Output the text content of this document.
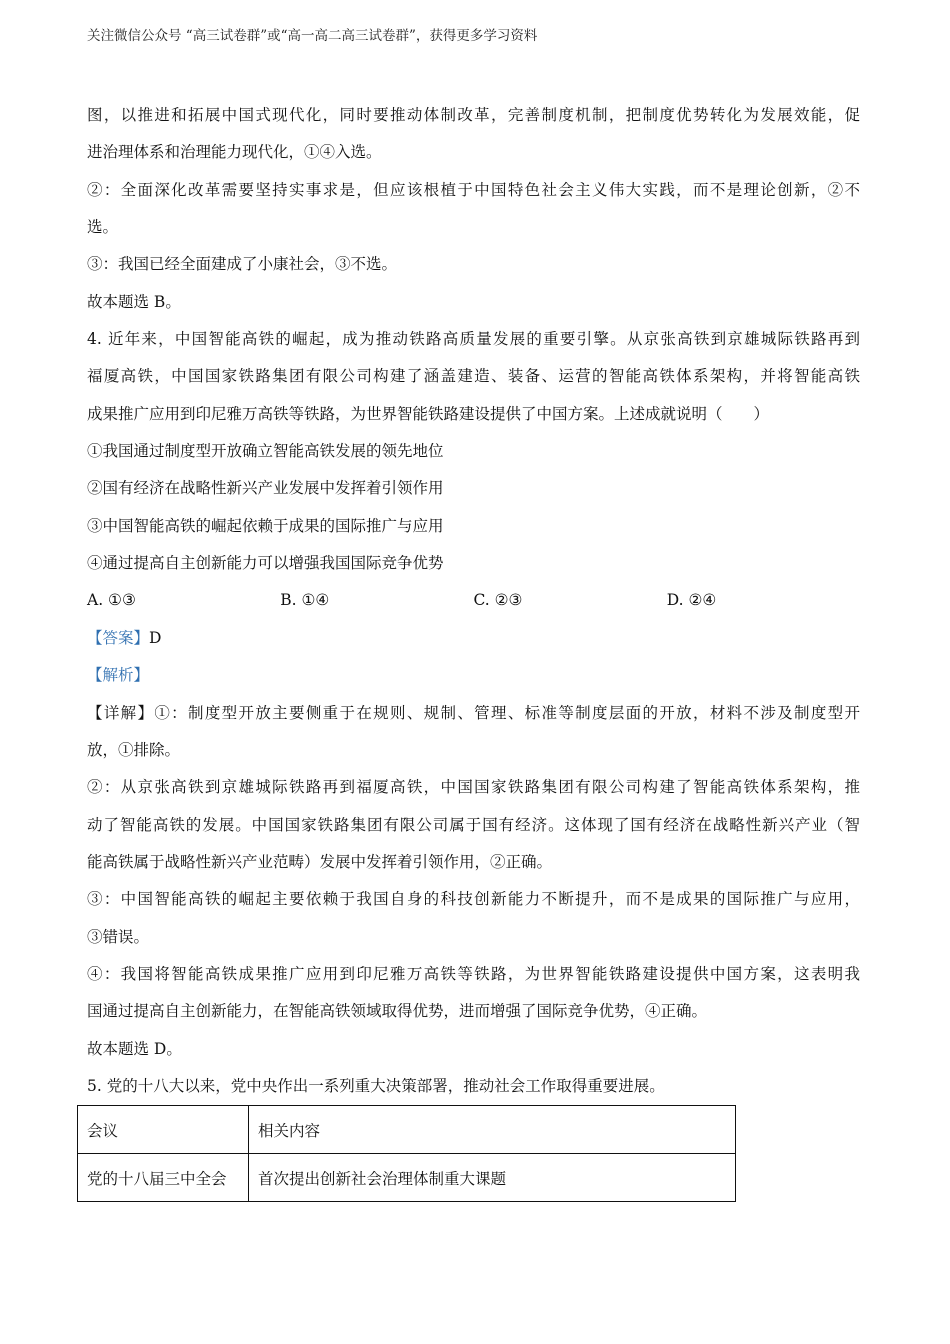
关注微信公众号 “高三试卷群”或“高一高二高三试卷群”，获得更多学习资料
图，以推进和拓展中国式现代化，同时要推动体制改革，完善制度机制，把制度优势转化为发展效能，促
进治理体系和治理能力现代化，①④入选。
②：全面深化改革需要坚持实事求是，但应该根植于中国特色社会主义伟大实践，而不是理论创新，②不
选。
③：我国已经全面建成了小康社会，③不选。
故本题选 B。
4. 近年来，中国智能高铁的崛起，成为推动铁路高质量发展的重要引擎。从京张高铁到京雄城际铁路再到
福厦高铁，中国国家铁路集团有限公司构建了涵盖建造、装备、运营的智能高铁体系架构，并将智能高铁
成果推广应用到印尼雅万高铁等铁路，为世界智能铁路建设提供了中国方案。上述成就说明（　　）
①我国通过制度型开放确立智能高铁发展的领先地位
②国有经济在战略性新兴产业发展中发挥着引领作用
③中国智能高铁的崛起依赖于成果的国际推广与应用
④通过提高自主创新能力可以增强我国国际竞争优势
A. ①③	B. ①④	C. ②③	D. ②④
【答案】D
【解析】
【详解】①：制度型开放主要侧重于在规则、规制、管理、标准等制度层面的开放，材料不涉及制度型开
放，①排除。
②：从京张高铁到京雄城际铁路再到福厦高铁，中国国家铁路集团有限公司构建了智能高铁体系架构，推
动了智能高铁的发展。中国国家铁路集团有限公司属于国有经济。这体现了国有经济在战略性新兴产业（智
能高铁属于战略性新兴产业范畴）发展中发挥着引领作用，②正确。
③：中国智能高铁的崛起主要依赖于我国自身的科技创新能力不断提升，而不是成果的国际推广与应用，
③错误。
④：我国将智能高铁成果推广应用到印尼雅万高铁等铁路，为世界智能铁路建设提供中国方案，这表明我
国通过提高自主创新能力，在智能高铁领域取得优势，进而增强了国际竞争优势，④正确。
故本题选 D。
5. 党的十八大以来，党中央作出一系列重大决策部署，推动社会工作取得重要进展。
会议	相关内容
党的十八届三中全会	首次提出创新社会治理体制重大课题
